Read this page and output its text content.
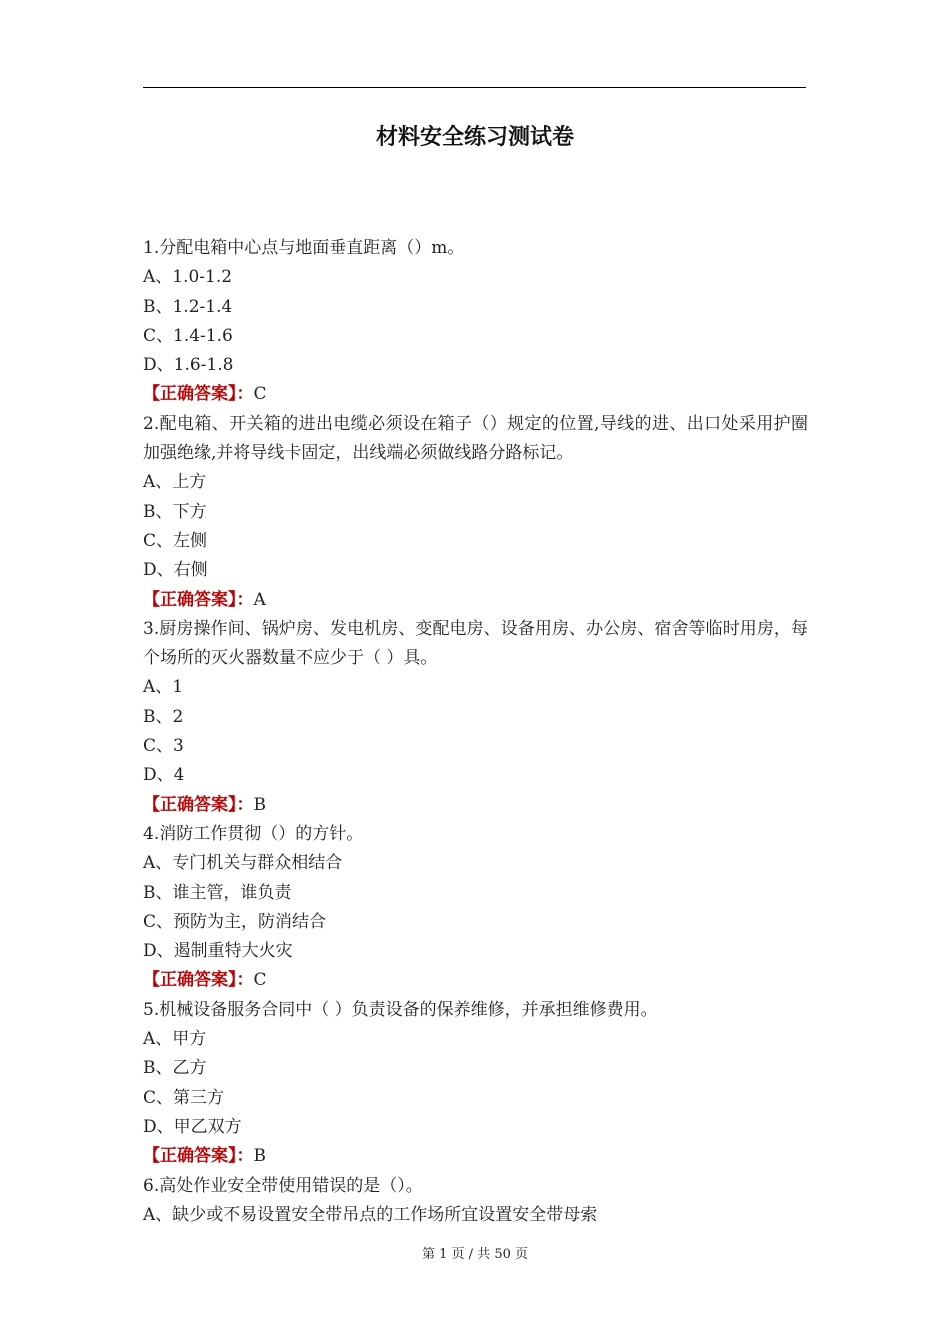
材料安全练习测试卷

1.分配电箱中心点与地面垂直距离（）m。

A、1.0-1.2

B、1.2-1.4

C、1.4-1.6

D、1.6-1.8

【正确答案】：C

2.配电箱、开关箱的进出电缆必须设在箱子（）规定的位置,导线的进、出口处采用护圈加强绝缘,并将导线卡固定，出线端必须做线路分路标记。

A、上方

B、下方

C、左侧

D、右侧

【正确答案】：A

3.厨房操作间、锅炉房、发电机房、变配电房、设备用房、办公房、宿舍等临时用房，每个场所的灭火器数量不应少于（ ）具。

A、1

B、2

C、3

D、4

【正确答案】：B

4.消防工作贯彻（）的方针。

A、专门机关与群众相结合

B、谁主管，谁负责

C、预防为主，防消结合

D、遏制重特大火灾

【正确答案】：C

5.机械设备服务合同中（ ）负责设备的保养维修，并承担维修费用。

A、甲方

B、乙方

C、第三方

D、甲乙双方

【正确答案】：B

6.高处作业安全带使用错误的是（）。

A、缺少或不易设置安全带吊点的工作场所宜设置安全带母索

第 1 页 / 共 50 页
